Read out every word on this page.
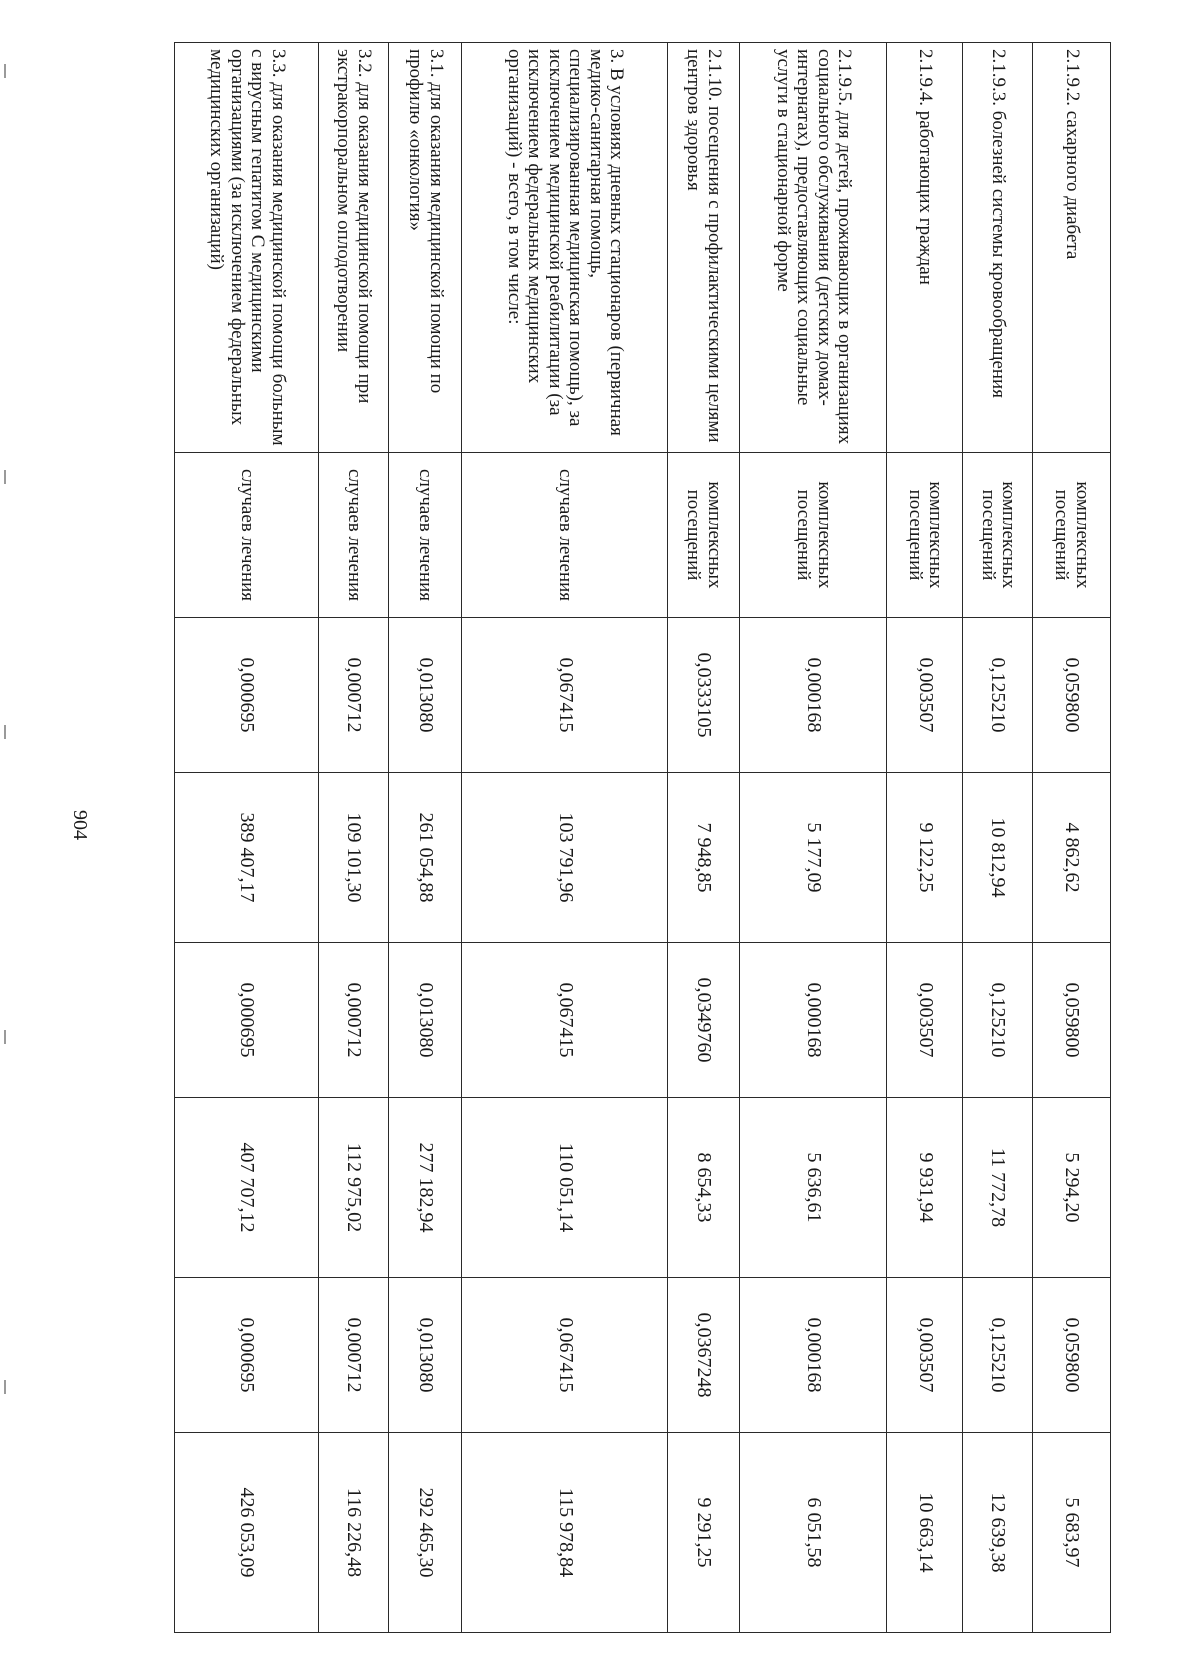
904
2.1.9.2. сахарного диабета	комплексных посещений	0,059800	4 862,62	0,059800	5 294,20	0,059800	5 683,97
2.1.9.3. болезней системы кровообращения	комплексных посещений	0,125210	10 812,94	0,125210	11 772,78	0,125210	12 639,38
2.1.9.4. работающих граждан	комплексных посещений	0,003507	9 122,25	0,003507	9 931,94	0,003507	10 663,14
2.1.9.5. для детей, проживающих в организациях социального обслуживания (детских домах-интернатах), предоставляющих социальные услуги в стационарной форме	комплексных посещений	0,000168	5 177,09	0,000168	5 636,61	0,000168	6 051,58
2.1.10. посещения с профилактическими целями центров здоровья	комплексных посещений	0,0333105	7 948,85	0,0349760	8 654,33	0,0367248	9 291,25
3. В условиях дневных стационаров (первичная медико-санитарная помощь, специализированная медицинская помощь), за исключением медицинской реабилитации (за исключением федеральных медицинских организаций) - всего, в том числе:	случаев лечения	0,067415	103 791,96	0,067415	110 051,14	0,067415	115 978,84
3.1. для оказания медицинской помощи по профилю «онкология»	случаев лечения	0,013080	261 054,88	0,013080	277 182,94	0,013080	292 465,30
3.2. для оказания медицинской помощи при экстракорпоральном оплодотворении	случаев лечения	0,000712	109 101,30	0,000712	112 975,02	0,000712	116 226,48
3.3. для оказания медицинской помощи больным с вирусным гепатитом С медицинскими организациями (за исключением федеральных медицинских организаций)	случаев лечения	0,000695	389 407,17	0,000695	407 707,12	0,000695	426 053,09
